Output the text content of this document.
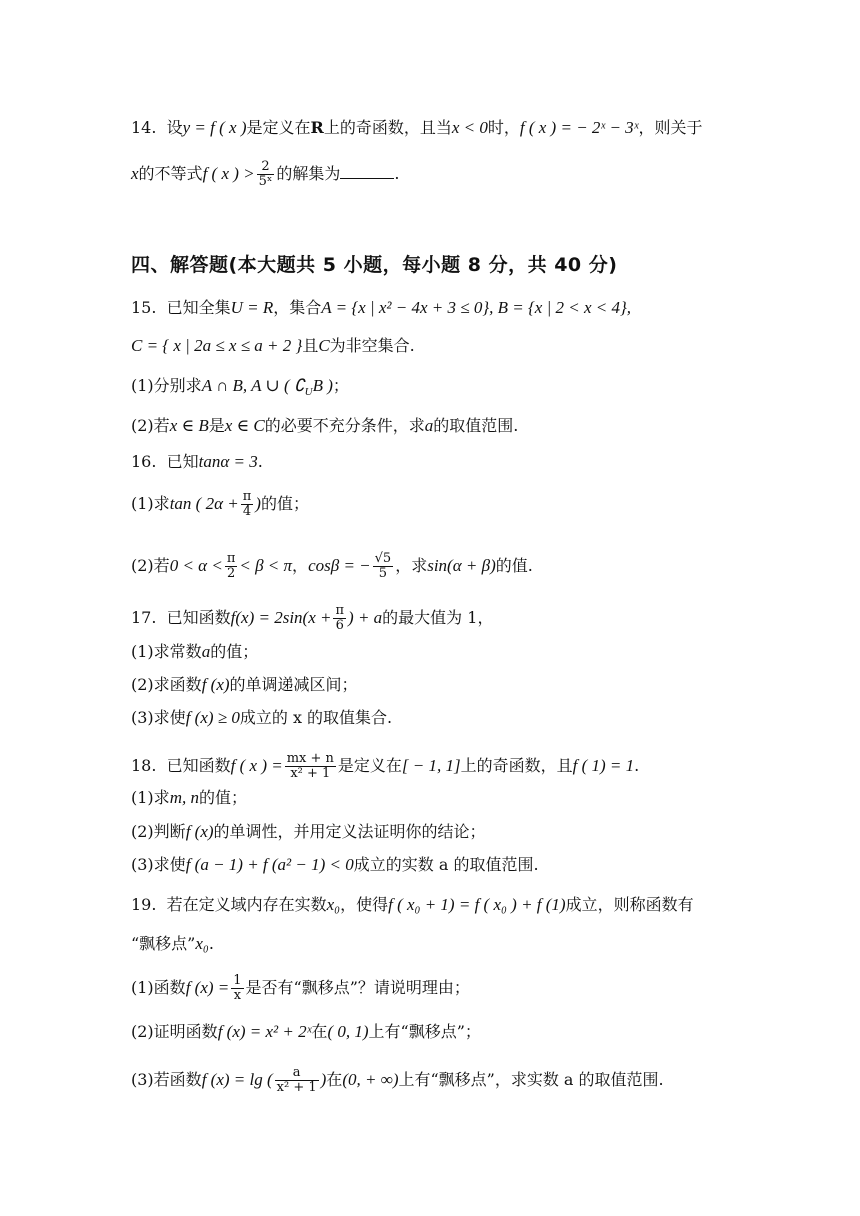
14. 设y = f ( x )是定义在R上的奇函数，且当x < 0时，f ( x ) = − 2ˣ − 3ˣ，则关于
x的不等式f ( x ) > $\frac{2}{\text{5ˣ}}$ 的解集为	.
四、解答题(本大题共 5 小题，每小题 8 分，共 40 分)
15. 已知全集U = R，集合A = {x | x² − 4x + 3 ≤ 0}, B = {x | 2 < x < 4},
C = { x | 2a ≤ x ≤ a + 2 }且C为非空集合.
(1)分别求A ∩ B, A ∪ ( $∁_UB$ )；
(2)若x ∈ B是x ∈ C的必要不充分条件，求a的取值范围.
16. 已知tanα = 3.
(1)求tan ( $2\alpha + \frac{\pi}{4}$ )的值；
(2)若$0 < \alpha < \frac{\pi}{2} < \beta < \pi$，cosβ = − $\frac{√5}{5}$ ，求sin(α + β)的值.
17. 已知函数$f(x) = 2\sin(x + \frac{\pi}{6}$ ) + a的最大值为 1，
(1)求常数a的值；
(2)求函数f (x)的单调递减区间；
(3)求使f (x) ≥ 0成立的 x 的取值集合.
18. 已知函数f ( x ) = $\frac{mx + n}{\text{x² + 1}}$ 是定义在[ − 1, 1]上的奇函数，且f ( 1) = 1.
(1)求m, n的值；
(2)判断f (x)的单调性，并用定义法证明你的结论；
(3)求使f (a − 1) + f (a² − 1) < 0成立的实数 a 的取值范围.
19. 若在定义域内存在实数x₀，使得f ( x₀ + 1) = f ( x₀ ) + f (1)成立，则称函数有
“飘移点”x₀.
(1)函数f $(x) = \frac{1}{x}$ 是否有“飘移点”？请说明理由；
(2)证明函数f (x) = x² + 2ˣ在( 0, 1)上有“飘移点”；
(3)若函数f (x) = lg ( $\frac{a}{\text{x² + 1}}$ )在(0, + ∞)上有“飘移点”，求实数 a 的取值范围.
